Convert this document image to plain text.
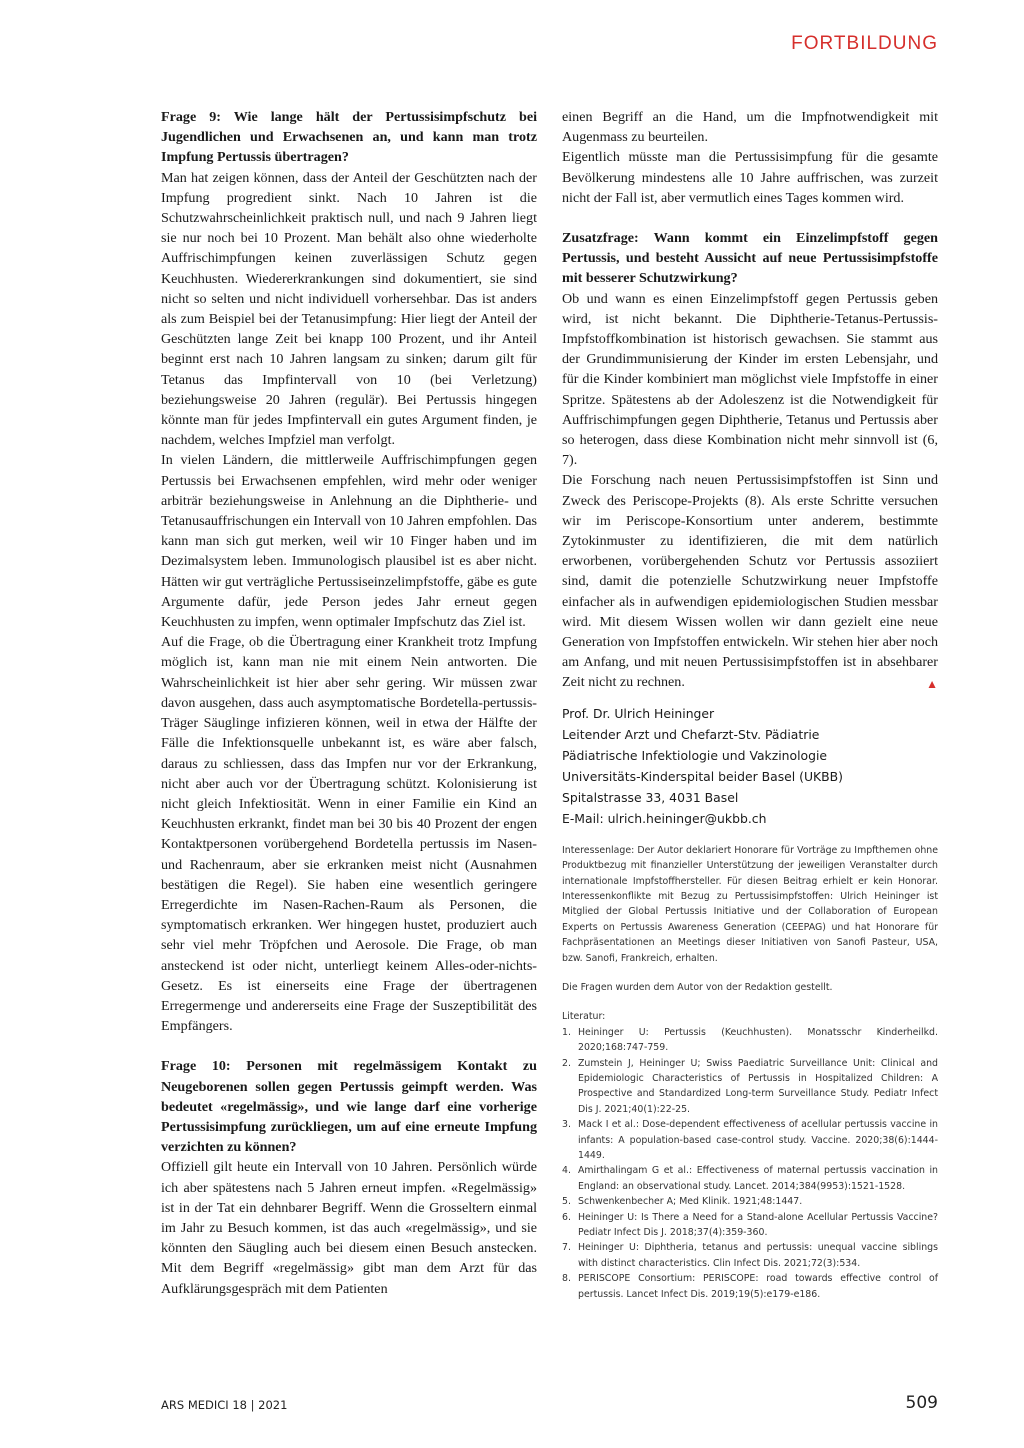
FORTBILDUNG

Frage 9: Wie lange hält der Pertussisimpfschutz bei Jugendlichen und Erwachsenen an, und kann man trotz Impfung Pertussis übertragen?

Man hat zeigen können, dass der Anteil der Geschützten nach der Impfung progredient sinkt. Nach 10 Jahren ist die Schutzwahrscheinlichkeit praktisch null, und nach 9 Jahren liegt sie nur noch bei 10 Prozent. Man behält also ohne wiederholte Auffrischimpfungen keinen zuverlässigen Schutz gegen Keuchhusten. Wiedererkrankungen sind dokumentiert, sie sind nicht so selten und nicht individuell vorhersehbar. Das ist anders als zum Beispiel bei der Tetanusimpfung: Hier liegt der Anteil der Geschützten lange Zeit bei knapp 100 Prozent, und ihr Anteil beginnt erst nach 10 Jahren langsam zu sinken; darum gilt für Tetanus das Impfintervall von 10 (bei Verletzung) beziehungsweise 20 Jahren (regulär). Bei Pertussis hingegen könnte man für jedes Impfintervall ein gutes Argument finden, je nachdem, welches Impfziel man verfolgt.

In vielen Ländern, die mittlerweile Auffrischimpfungen gegen Pertussis bei Erwachsenen empfehlen, wird mehr oder weniger arbiträr beziehungsweise in Anlehnung an die Diphtherie- und Tetanusauffrischungen ein Intervall von 10 Jahren empfohlen. Das kann man sich gut merken, weil wir 10 Finger haben und im Dezimalsystem leben. Immunologisch plausibel ist es aber nicht. Hätten wir gut verträgliche Pertussiseinzelimpfstoffe, gäbe es gute Argumente dafür, jede Person jedes Jahr erneut gegen Keuchhusten zu impfen, wenn optimaler Impfschutz das Ziel ist.

Auf die Frage, ob die Übertragung einer Krankheit trotz Impfung möglich ist, kann man nie mit einem Nein antworten. Die Wahrscheinlichkeit ist hier aber sehr gering. Wir müssen zwar davon ausgehen, dass auch asymptomatische Bordetella-pertussis-Träger Säuglinge infizieren können, weil in etwa der Hälfte der Fälle die Infektionsquelle unbekannt ist, es wäre aber falsch, daraus zu schliessen, dass das Impfen nur vor der Erkrankung, nicht aber auch vor der Übertragung schützt. Kolonisierung ist nicht gleich Infektiosität. Wenn in einer Familie ein Kind an Keuchhusten erkrankt, findet man bei 30 bis 40 Prozent der engen Kontaktpersonen vorübergehend Bordetella pertussis im Nasen- und Rachenraum, aber sie erkranken meist nicht (Ausnahmen bestätigen die Regel). Sie haben eine wesentlich geringere Erregerdichte im Nasen-Rachen-Raum als Personen, die symptomatisch erkranken. Wer hingegen hustet, produziert auch sehr viel mehr Tröpfchen und Aerosole. Die Frage, ob man ansteckend ist oder nicht, unterliegt keinem Alles-oder-nichts-Gesetz. Es ist einerseits eine Frage der übertragenen Erregermenge und andererseits eine Frage der Suszeptibilität des Empfängers.

Frage 10: Personen mit regelmässigem Kontakt zu Neugeborenen sollen gegen Pertussis geimpft werden. Was bedeutet «regelmässig», und wie lange darf eine vorherige Pertussisimpfung zurückliegen, um auf eine erneute Impfung verzichten zu können?

Offiziell gilt heute ein Intervall von 10 Jahren. Persönlich würde ich aber spätestens nach 5 Jahren erneut impfen. «Regelmässig» ist in der Tat ein dehnbarer Begriff. Wenn die Grosseltern einmal im Jahr zu Besuch kommen, ist das auch «regelmässig», und sie könnten den Säugling auch bei diesem einen Besuch anstecken. Mit dem Begriff «regelmässig» gibt man dem Arzt für das Aufklärungsgespräch mit dem Patienten

einen Begriff an die Hand, um die Impfnotwendigkeit mit Augenmass zu beurteilen.

Eigentlich müsste man die Pertussisimpfung für die gesamte Bevölkerung mindestens alle 10 Jahre auffrischen, was zurzeit nicht der Fall ist, aber vermutlich eines Tages kommen wird.

Zusatzfrage: Wann kommt ein Einzelimpfstoff gegen Pertussis, und besteht Aussicht auf neue Pertussisimpfstoffe mit besserer Schutzwirkung?

Ob und wann es einen Einzelimpfstoff gegen Pertussis geben wird, ist nicht bekannt. Die Diphtherie-Tetanus-Pertussis-Impfstoffkombination ist historisch gewachsen. Sie stammt aus der Grundimmunisierung der Kinder im ersten Lebensjahr, und für die Kinder kombiniert man möglichst viele Impfstoffe in einer Spritze. Spätestens ab der Adoleszenz ist die Notwendigkeit für Auffrischimpfungen gegen Diphtherie, Tetanus und Pertussis aber so heterogen, dass diese Kombination nicht mehr sinnvoll ist (6, 7).

Die Forschung nach neuen Pertussisimpfstoffen ist Sinn und Zweck des Periscope-Projekts (8). Als erste Schritte versuchen wir im Periscope-Konsortium unter anderem, bestimmte Zytokinmuster zu identifizieren, die mit dem natürlich erworbenen, vorübergehenden Schutz vor Pertussis assoziiert sind, damit die potenzielle Schutzwirkung neuer Impfstoffe einfacher als in aufwendigen epidemiologischen Studien messbar wird. Mit diesem Wissen wollen wir dann gezielt eine neue Generation von Impfstoffen entwickeln. Wir stehen hier aber noch am Anfang, und mit neuen Pertussisimpfstoffen ist in absehbarer Zeit nicht zu rechnen.	▲

Prof. Dr. Ulrich Heininger
Leitender Arzt und Chefarzt-Stv. Pädiatrie
Pädiatrische Infektiologie und Vakzinologie
Universitäts-Kinderspital beider Basel (UKBB)
Spitalstrasse 33, 4031 Basel
E-Mail: ulrich.heininger@ukbb.ch

Interessenlage: Der Autor deklariert Honorare für Vorträge zu Impfthemen ohne Produktbezug mit finanzieller Unterstützung der jeweiligen Veranstalter durch internationale Impfstoffhersteller. Für diesen Beitrag erhielt er kein Honorar. Interessenkonflikte mit Bezug zu Pertussisimpfstoffen: Ulrich Heininger ist Mitglied der Global Pertussis Initiative und der Collaboration of European Experts on Pertussis Awareness Generation (CEEPAG) und hat Honorare für Fachpräsentationen an Meetings dieser Initiativen von Sanofi Pasteur, USA, bzw. Sanofi, Frankreich, erhalten.

Die Fragen wurden dem Autor von der Redaktion gestellt.

Literatur:

1. Heininger U: Pertussis (Keuchhusten). Monatsschr Kinderheilkd. 2020;168:747-759.
2. Zumstein J, Heininger U; Swiss Paediatric Surveillance Unit: Clinical and Epidemiologic Characteristics of Pertussis in Hospitalized Children: A Prospective and Standardized Long-term Surveillance Study. Pediatr Infect Dis J. 2021;40(1):22-25.
3. Mack I et al.: Dose-dependent effectiveness of acellular pertussis vaccine in infants: A population-based case-control study. Vaccine. 2020;38(6):1444-1449.
4. Amirthalingam G et al.: Effectiveness of maternal pertussis vaccination in England: an observational study. Lancet. 2014;384(9953):1521-1528.
5. Schwenkenbecher A; Med Klinik. 1921;48:1447.
6. Heininger U: Is There a Need for a Stand-alone Acellular Pertussis Vaccine? Pediatr Infect Dis J. 2018;37(4):359-360.
7. Heininger U: Diphtheria, tetanus and pertussis: unequal vaccine siblings with distinct characteristics. Clin Infect Dis. 2021;72(3):534.
8. PERISCOPE Consortium: PERISCOPE: road towards effective control of pertussis. Lancet Infect Dis. 2019;19(5):e179-e186.
ARS MEDICI 18 | 2021	509
